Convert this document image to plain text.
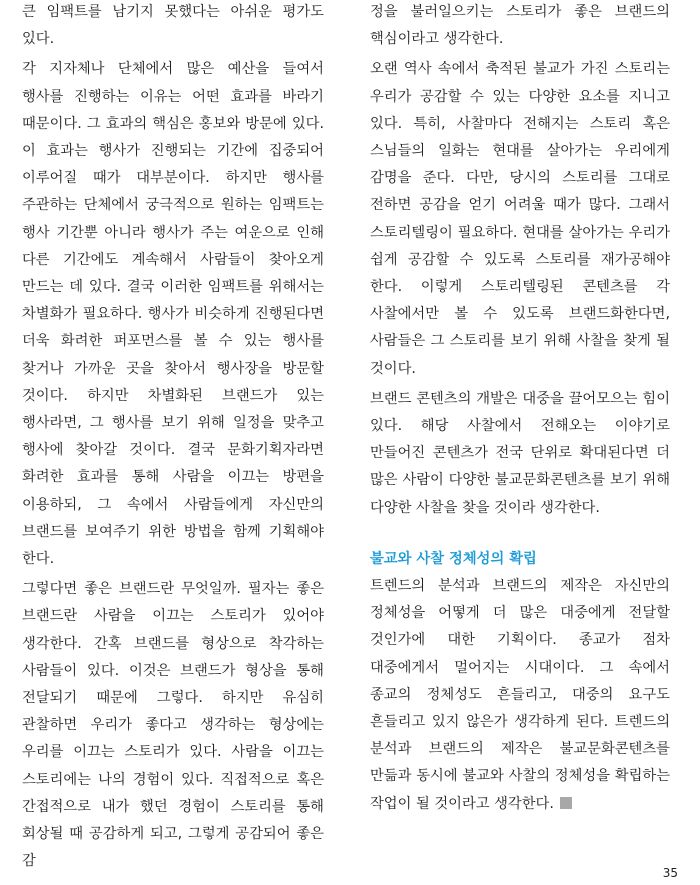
큰 임팩트를 남기지 못했다는 아쉬운 평가도 있다.

각 지자체나 단체에서 많은 예산을 들여서 행사를 진행하는 이유는 어떤 효과를 바라기 때문이다. 그 효과의 핵심은 홍보와 방문에 있다. 이 효과는 행사가 진행되는 기간에 집중되어 이루어질 때가 대부분이다. 하지만 행사를 주관하는 단체에서 궁극적으로 원하는 임팩트는 행사 기간뿐 아니라 행사가 주는 여운으로 인해 다른 기간에도 계속해서 사람들이 찾아오게 만드는 데 있다. 결국 이러한 임팩트를 위해서는 차별화가 필요하다. 행사가 비슷하게 진행된다면 더욱 화려한 퍼포먼스를 볼 수 있는 행사를 찾거나 가까운 곳을 찾아서 행사장을 방문할 것이다. 하지만 차별화된 브랜드가 있는 행사라면, 그 행사를 보기 위해 일정을 맞추고 행사에 찾아갈 것이다. 결국 문화기획자라면 화려한 효과를 통해 사람을 이끄는 방편을 이용하되, 그 속에서 사람들에게 자신만의 브랜드를 보여주기 위한 방법을 함께 기획해야 한다.

그렇다면 좋은 브랜드란 무엇일까. 필자는 좋은 브랜드란 사람을 이끄는 스토리가 있어야 생각한다. 간혹 브랜드를 형상으로 착각하는 사람들이 있다. 이것은 브랜드가 형상을 통해 전달되기 때문에 그렇다. 하지만 유심히 관찰하면 우리가 좋다고 생각하는 형상에는 우리를 이끄는 스토리가 있다. 사람을 이끄는 스토리에는 나의 경험이 있다. 직접적으로 혹은 간접적으로 내가 했던 경험이 스토리를 통해 회상될 때 공감하게 되고, 그렇게 공감되어 좋은 감

정을 불러일으키는 스토리가 좋은 브랜드의 핵심이라고 생각한다.

오랜 역사 속에서 축적된 불교가 가진 스토리는 우리가 공감할 수 있는 다양한 요소를 지니고 있다. 특히, 사찰마다 전해지는 스토리 혹은 스님들의 일화는 현대를 살아가는 우리에게 감명을 준다. 다만, 당시의 스토리를 그대로 전하면 공감을 얻기 어려울 때가 많다. 그래서 스토리텔링이 필요하다. 현대를 살아가는 우리가 쉽게 공감할 수 있도록 스토리를 재가공해야 한다. 이렇게 스토리텔링된 콘텐츠를 각 사찰에서만 볼 수 있도록 브랜드화한다면, 사람들은 그 스토리를 보기 위해 사찰을 찾게 될 것이다.

브랜드 콘텐츠의 개발은 대중을 끌어모으는 힘이 있다. 해당 사찰에서 전해오는 이야기로 만들어진 콘텐츠가 전국 단위로 확대된다면 더 많은 사람이 다양한 불교문화콘텐츠를 보기 위해 다양한 사찰을 찾을 것이라 생각한다.

불교와 사찰 정체성의 확립

트렌드의 분석과 브랜드의 제작은 자신만의 정체성을 어떻게 더 많은 대중에게 전달할 것인가에 대한 기획이다. 종교가 점차 대중에게서 멀어지는 시대이다. 그 속에서 종교의 정체성도 흔들리고, 대중의 요구도 흔들리고 있지 않은가 생각하게 된다. 트렌드의 분석과 브랜드의 제작은 불교문화콘텐츠를 만듦과 동시에 불교와 사찰의 정체성을 확립하는 작업이 될 것이라고 생각한다.

35
